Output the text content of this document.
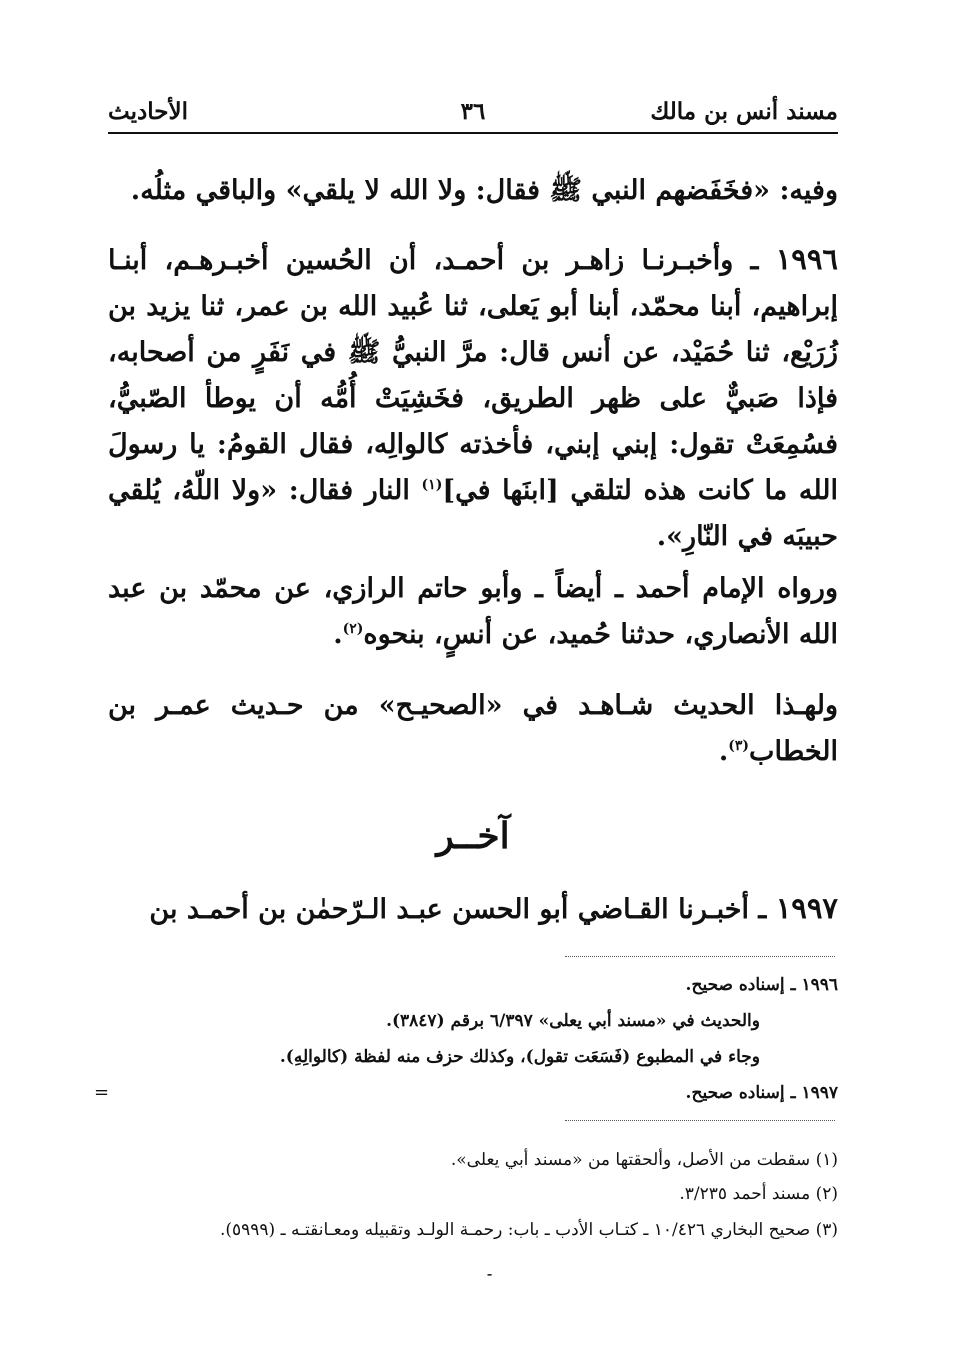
مسند أنس بن مالك
٣٦
الأحاديث

وفيه: «فخَفَضهم النبي ﷺ فقال: ولا الله لا يلقي» والباقي مثلُه.

١٩٩٦ ـ وأخبـرنـا زاهـر بن أحمـد، أن الحُسين أخبـرهـم، أبنـا إبراهيم، أبنا محمّد، أبنا أبو يَعلى، ثنا عُبيد الله بن عمر، ثنا يزيد بن زُرَيْع، ثنا حُمَيْد، عن أنس قال: مرَّ النبيُّ ﷺ في نَفَرٍ من أصحابه، فإذا صَبيٌّ على ظهر الطريق، فخَشِيَتْ أُمُّه أن يوطأ الصّبيُّ، فسُمِعَتْ تقول: إبني إبني، فأخذته كالوالِه، فقال القومُ: يا رسولَ الله ما كانت هذه لتلقي [ابنَها في]$^{(١)}$ النار فقال: «ولا اللّهُ، يُلقي حبيبَه في النّارِ».

ورواه الإمام أحمد ـ أيضاً ـ وأبو حاتم الرازي، عن محمّد بن عبد الله الأنصاري، حدثنا حُميد، عن أنسٍ، بنحوه$^{(٢)}$.

ولهـذا الحديث شـاهـد في «الصحيـح» من حـديث عمـر بن الخطاب$^{(٣)}$.

آخــر

١٩٩٧ ـ أخبـرنا القـاضي أبو الحسن عبـد الـرّحمٰن بن أحمـد بن

١٩٩٦ ـ إسناده صحيح.
والحديث في «مسند أبي يعلى» ٦/٣٩٧ برقم (٣٨٤٧).
وجاء في المطبوع (فَسَعَت تقول)، وكذلك حزف منه لفظة (كالوالِهِ).
١٩٩٧ ـ إسناده صحيح.
(١) سقطت من الأصل، وألحقتها من «مسند أبي يعلى».
(٢) مسند أحمد ٣/٢٣٥.
(٣) صحيح البخاري ١٠/٤٢٦ ـ كتـاب الأدب ـ باب: رحمـة الولـد وتقبيله ومعـانقتـه ـ (٥٩٩٩).
=
⁃
